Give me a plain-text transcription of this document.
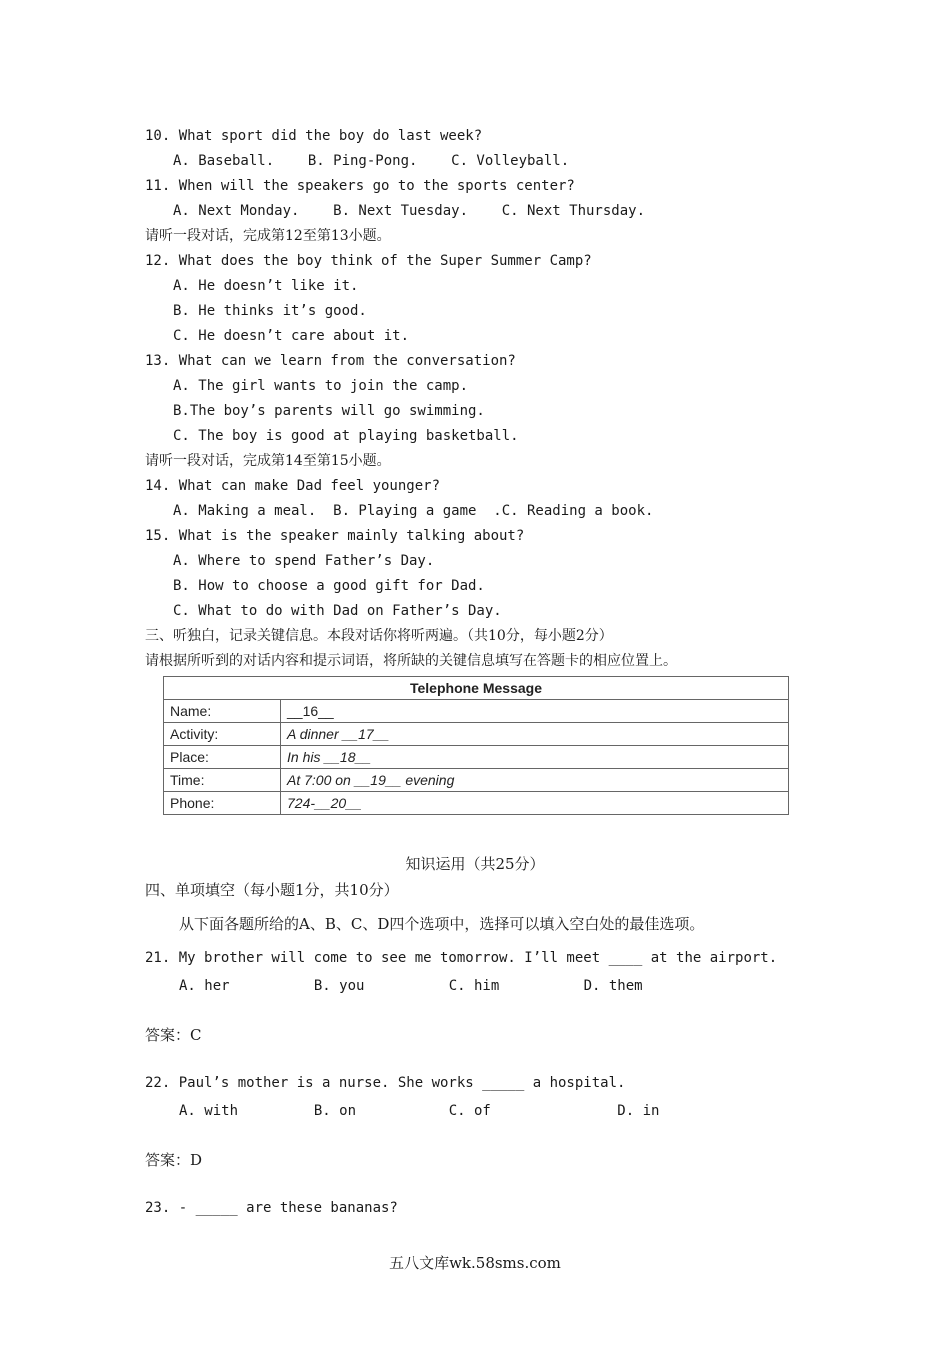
10. What sport did the boy do last week?
A. Baseball.    B. Ping-Pong.    C. Volleyball.
11. When will the speakers go to the sports center?
A. Next Monday.    B. Next Tuesday.    C. Next Thursday.
请听一段对话，完成第12至第13小题。
12. What does the boy think of the Super Summer Camp?
A. He doesn’t like it.
B. He thinks it’s good.
C. He doesn’t care about it.
13. What can we learn from the conversation?
A. The girl wants to join the camp.
B.The boy’s parents will go swimming.
C. The boy is good at playing basketball.
请听一段对话，完成第14至第15小题。
14. What can make Dad feel younger?
A. Making a meal.  B. Playing a game  .C. Reading a book.
15. What is the speaker mainly talking about?
A. Where to spend Father’s Day.
B. How to choose a good gift for Dad.
C. What to do with Dad on Father’s Day.
三、听独白，记录关键信息。本段对话你将听两遍。（共10分，每小题2分）
请根据所听到的对话内容和提示词语，将所缺的关键信息填写在答题卡的相应位置上。
Telephone Message	
Name:	__16__
Activity:	A dinner __17__
Place:	In his __18__
Time:	At 7:00 on __19__ evening
Phone:	724-__20__
知识运用（共25分）
四、单项填空（每小题1分，共10分）
从下面各题所给的A、B、C、D四个选项中，选择可以填入空白处的最佳选项。
21. My brother will come to see me tomorrow. I’ll meet ____ at the airport.
A. her          B. you          C. him          D. them
答案：C
22. Paul’s mother is a nurse. She works _____ a hospital.
A. with         B. on           C. of               D. in
答案：D
23. - _____ are these bananas?
五八文库wk.58sms.com
